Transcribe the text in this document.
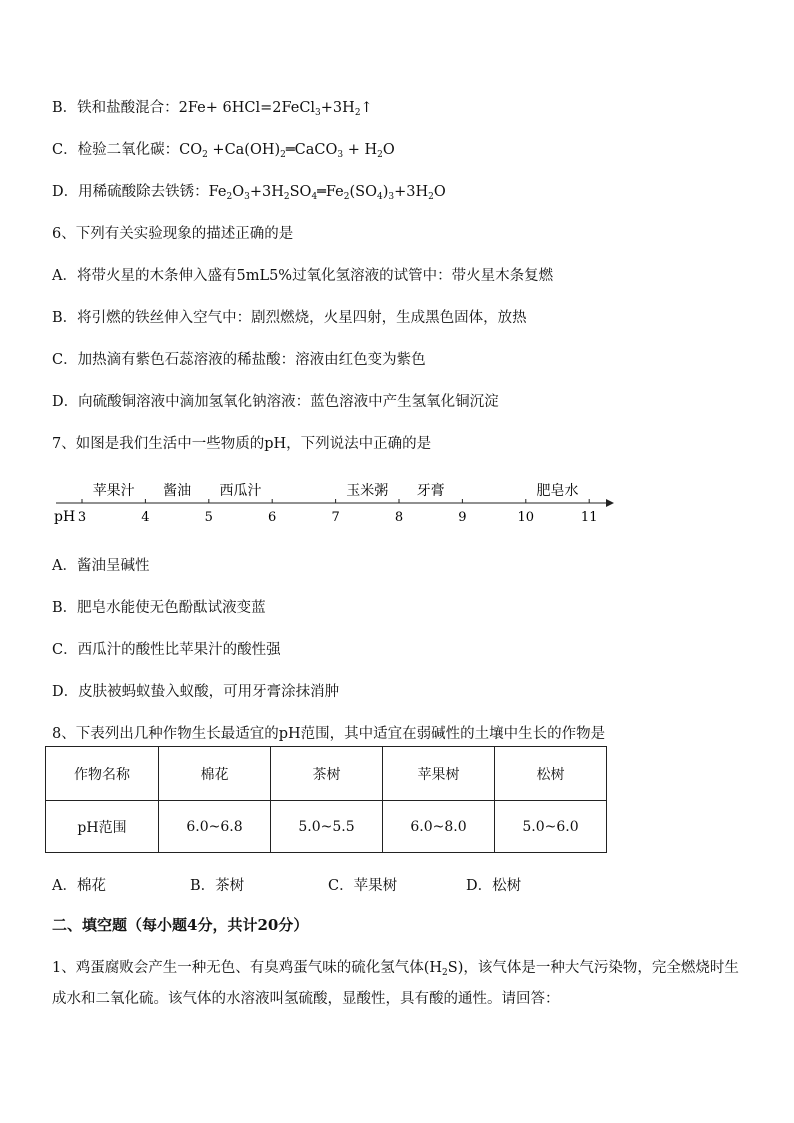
B．铁和盐酸混合：$2Fe+ 6HCl=2FeCl_3+3H_2↑$
C．检验二氧化碳：$CO_2$ $+Ca(OH)_2═CaCO_3 + H_2O$
D．用稀硫酸除去铁锈：$Fe_2O_3+3H_2SO_4═Fe_2(SO_4)_3+3H_2O$
6、下列有关实验现象的描述正确的是
A．将带火星的木条伸入盛有5mL5%过氧化氢溶液的试管中：带火星木条复燃
B．将引燃的铁丝伸入空气中：剧烈燃烧，火星四射，生成黑色固体，放热
C．加热滴有紫色石蕊溶液的稀盐酸：溶液由红色变为紫色
D．向硫酸铜溶液中滴加氢氧化钠溶液：蓝色溶液中产生氢氧化铜沉淀
7、如图是我们生活中一些物质的pH，下列说法中正确的是
3	4	5	6	7	8	9	10	11
苹果汁 酱油 西瓜汁	玉米粥 牙膏	肥皂水
pH
A．酱油呈碱性
B．肥皂水能使无色酚酞试液变蓝
C．西瓜汁的酸性比苹果汁的酸性强
D．皮肤被蚂蚁蛰入蚁酸，可用牙膏涂抹消肿
8、下表列出几种作物生长最适宜的pH范围，其中适宜在弱碱性的土壤中生长的作物是
作物名称	棉花	茶树	苹果树	松树
pH范围	6.0~6.8	5.0~5.5	6.0~8.0	5.0~6.0
A．棉花	B．茶树	C．苹果树	D．松树
二、填空题（每小题4分，共计20分）
1、鸡蛋腐败会产生一种无色、有臭鸡蛋气味的硫化氢气体$(H_2S)$，该气体是一种大气污染物，完全燃烧时生成水和二氧化硫。该气体的水溶液叫氢硫酸，显酸性，具有酸的通性。请回答：
